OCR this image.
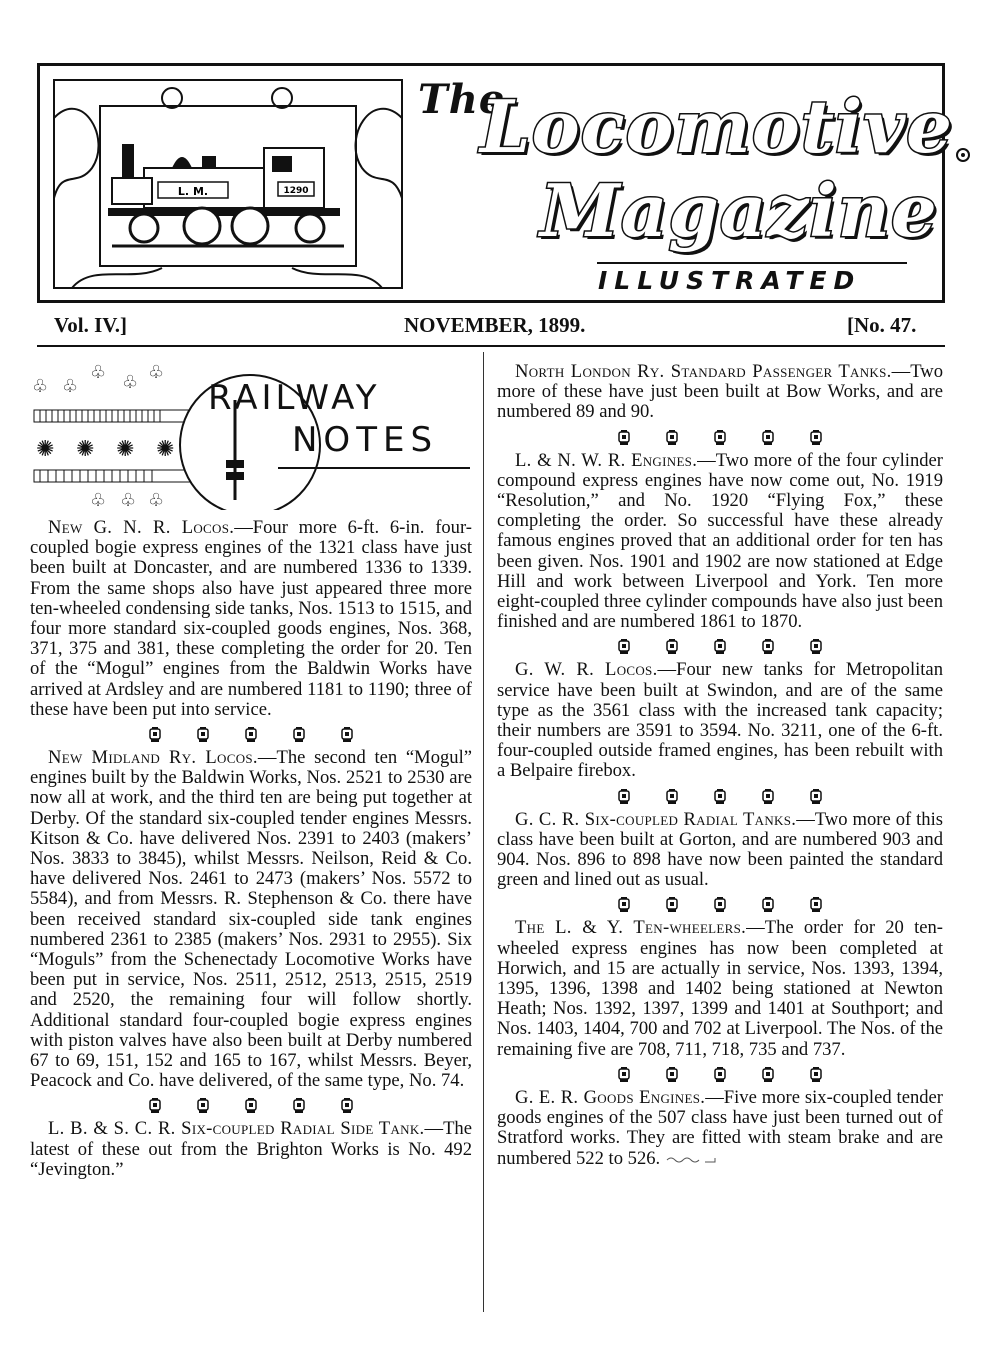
L. M.	1290
The
Locomotive
Magazine
ILLUSTRATED
Vol. IV.]	NOVEMBER, 1899.	[No. 47.
♧ ♧ ♧
♧ ♧
♧ ♧ ♧
✺ ✺ ✺ ✺
RAILWAY
NOTES

New G. N. R. Locos.—Four more 6-ft. 6-in. four-coupled bogie express engines of the 1321 class have just been built at Doncaster, and are numbered 1336 to 1339. From the same shops also have just appeared three more ten-wheeled condensing side tanks, Nos. 1513 to 1515, and four more standard six-coupled goods engines, Nos. 368, 371, 375 and 381, these completing the order for 20. Ten of the “Mogul” engines from the Baldwin Works have arrived at Ardsley and are numbered 1181 to 1190; three of these have been put into service.

New Midland Ry. Locos.—The second ten “Mogul” engines built by the Baldwin Works, Nos. 2521 to 2530 are now all at work, and the third ten are being put together at Derby. Of the standard six-coupled tender engines Messrs. Kitson & Co. have delivered Nos. 2391 to 2403 (makers’ Nos. 3833 to 3845), whilst Messrs. Neilson, Reid & Co. have delivered Nos. 2461 to 2473 (makers’ Nos. 5572 to 5584), and from Messrs. R. Stephenson & Co. there have been received standard six-coupled side tank engines numbered 2361 to 2385 (makers’ Nos. 2931 to 2955). Six “Moguls” from the Schenectady Locomotive Works have been put in service, Nos. 2511, 2512, 2513, 2515, 2519 and 2520, the remaining four will follow shortly. Additional standard four-coupled bogie express engines with piston valves have also been built at Derby numbered 67 to 69, 151, 152 and 165 to 167, whilst Messrs. Beyer, Peacock and Co. have delivered, of the same type, No. 74.

L. B. & S. C. R. Six-coupled Radial Side Tank.—The latest of these out from the Brighton Works is No. 492 “Jevington.”

North London Ry. Standard Passenger Tanks.—Two more of these have just been built at Bow Works, and are numbered 89 and 90.

L. & N. W. R. Engines.—Two more of the four cylinder compound express engines have now come out, No. 1919 “Resolution,” and No. 1920 “Flying Fox,” these completing the order. So successful have these already famous engines proved that an additional order for ten has been given. Nos. 1901 and 1902 are now stationed at Edge Hill and work between Liverpool and York. Ten more eight-coupled three cylinder compounds have also just been finished and are numbered 1861 to 1870.

G. W. R. Locos.—Four new tanks for Metropolitan service have been built at Swindon, and are of the same type as the 3561 class with the increased tank capacity; their numbers are 3591 to 3594. No. 3211, one of the 6-ft. four-coupled outside framed engines, has been rebuilt with a Belpaire firebox.

G. C. R. Six-coupled Radial Tanks.—Two more of this class have been built at Gorton, and are numbered 903 and 904. Nos. 896 to 898 have now been painted the standard green and lined out as usual.

The L. & Y. Ten-wheelers.—The order for 20 ten-wheeled express engines has now been completed at Horwich, and 15 are actually in service, Nos. 1393, 1394, 1395, 1396, 1398 and 1402 being stationed at Newton Heath; Nos. 1392, 1397, 1399 and 1401 at Southport; and Nos. 1403, 1404, 700 and 702 at Liverpool. The Nos. of the remaining five are 708, 711, 718, 735 and 737.

G. E. R. Goods Engines.—Five more six-coupled tender goods engines of the 507 class have just been turned out of Stratford works. They are fitted with steam brake and are numbered 522 to 526.
